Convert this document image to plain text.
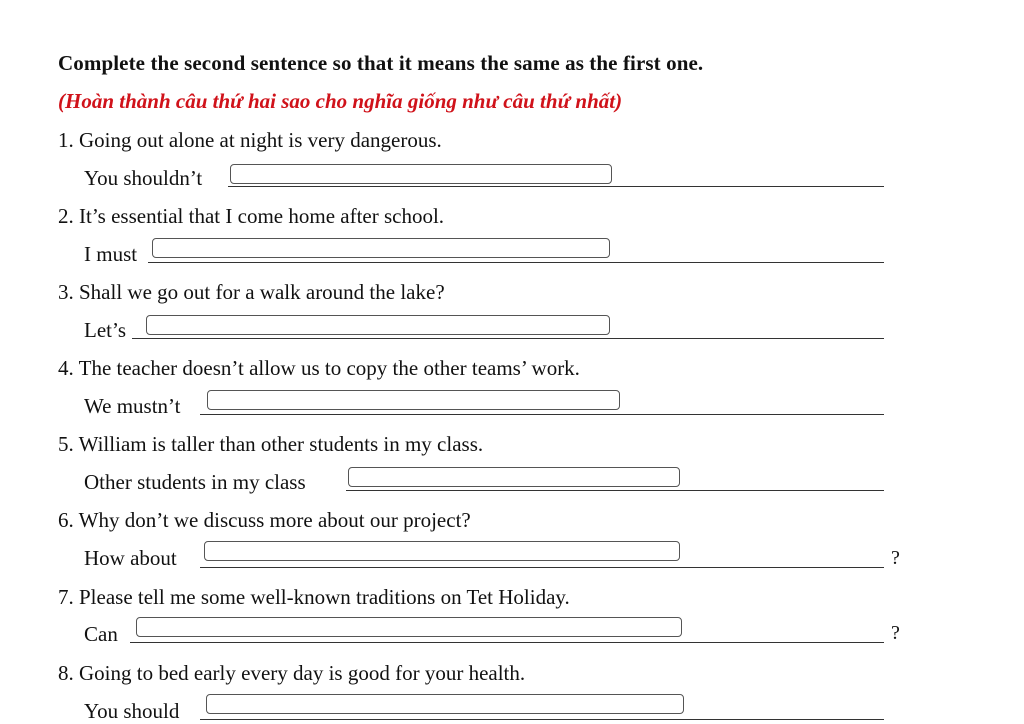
Complete the second sentence so that it means the same as the first one.
(Hoàn thành câu thứ hai sao cho nghĩa giống như câu thứ nhất)
1. Going out alone at night is very dangerous.
You shouldn’t
2. It’s essential that I come home after school.
I must
3. Shall we go out for a walk around the lake?
Let’s
4. The teacher doesn’t allow us to copy the other teams’ work.
We mustn’t
5. William is taller than other students in my class.
Other students in my class
6. Why don’t we discuss more about our project?
How about	?
7. Please tell me some well-known traditions on Tet Holiday.
Can	?
8. Going to bed early every day is good for your health.
You should
